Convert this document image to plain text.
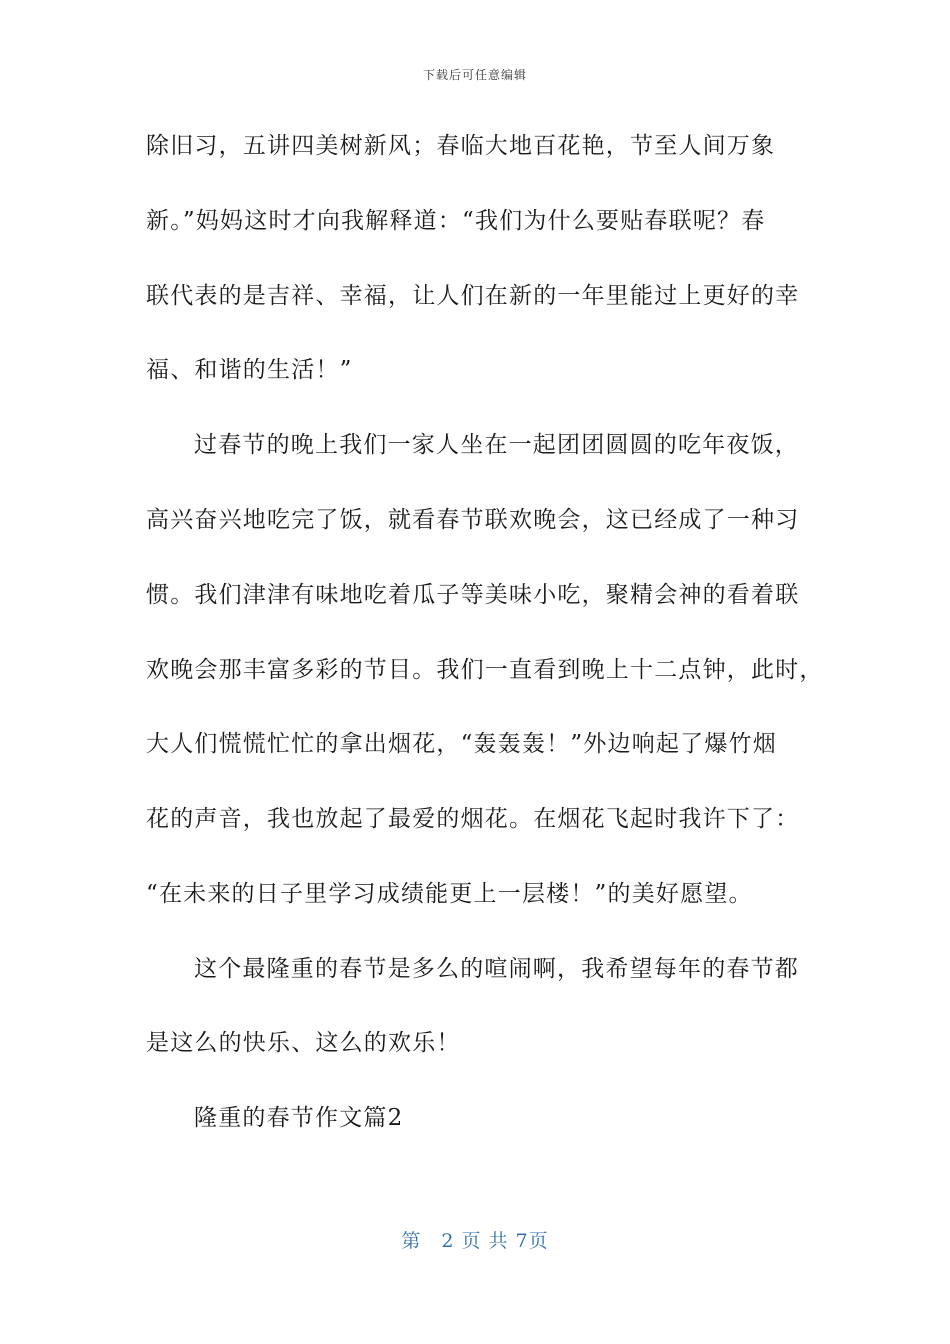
下载后可任意编辑
除旧习，五讲四美树新风；春临大地百花艳，节至人间万象
新。”妈妈这时才向我解释道：“我们为什么要贴春联呢？春
联代表的是吉祥、幸福，让人们在新的一年里能过上更好的幸
福、和谐的生活！”
过春节的晚上我们一家人坐在一起团团圆圆的吃年夜饭，
高兴奋兴地吃完了饭，就看春节联欢晚会，这已经成了一种习
惯。我们津津有味地吃着瓜子等美味小吃，聚精会神的看着联
欢晚会那丰富多彩的节目。我们一直看到晚上十二点钟，此时，
大人们慌慌忙忙的拿出烟花，“轰轰轰！”外边响起了爆竹烟
花的声音，我也放起了最爱的烟花。在烟花飞起时我许下了：
“在未来的日子里学习成绩能更上一层楼！”的美好愿望。
这个最隆重的春节是多么的喧闹啊，我希望每年的春节都
是这么的快乐、这么的欢乐！
隆重的春节作文篇2
第　2 页 共 7页
